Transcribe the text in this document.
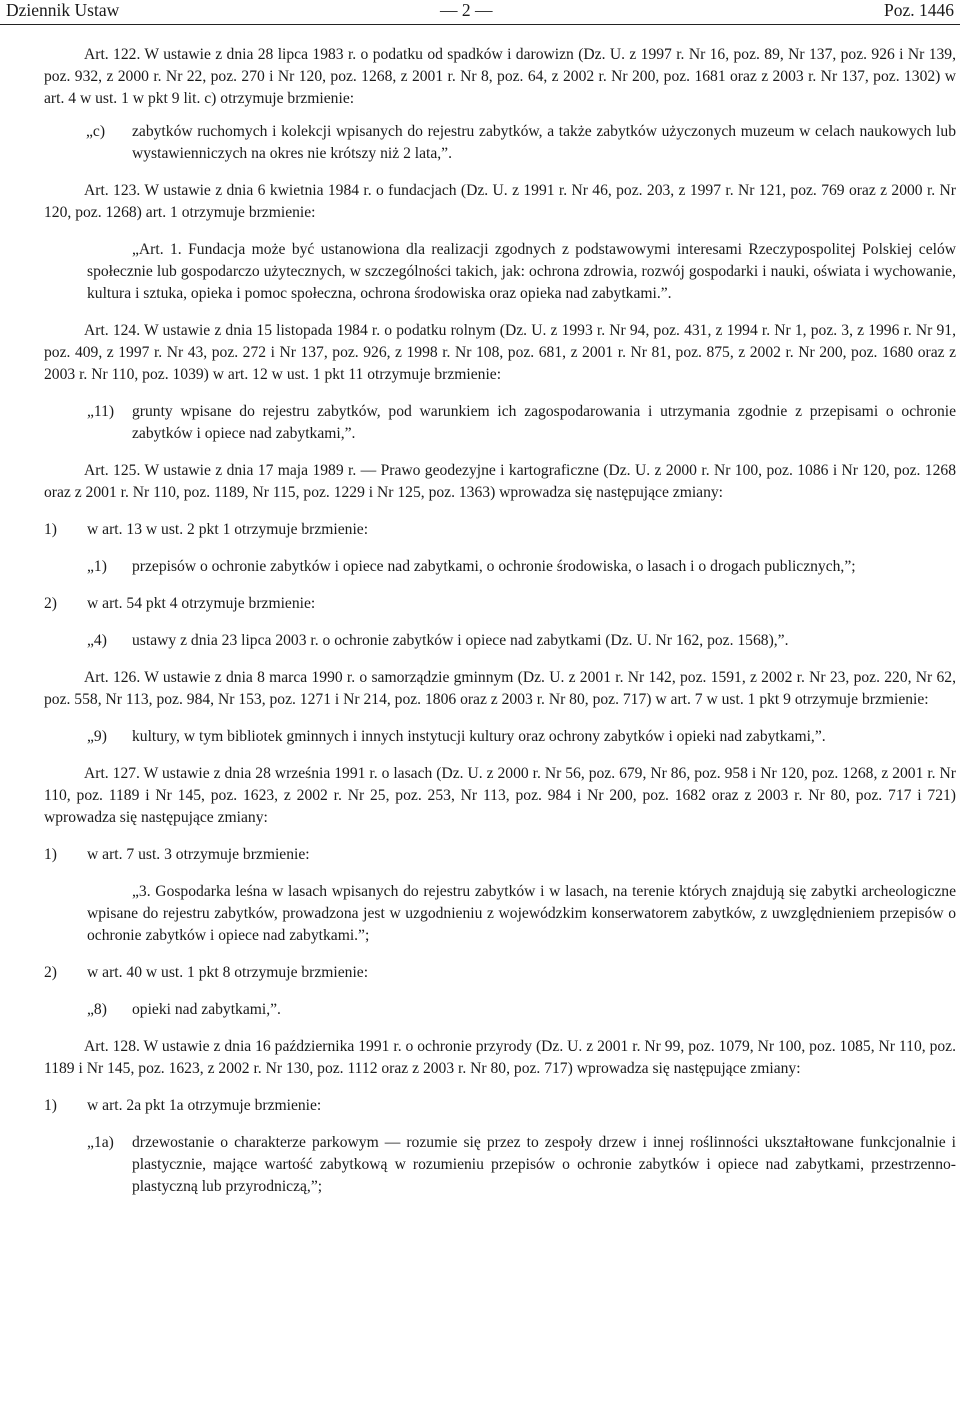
Dziennik Ustaw	— 2 —	Poz. 1446

Art. 122. W ustawie z dnia 28 lipca 1983 r. o podatku od spadków i darowizn (Dz. U. z 1997 r. Nr 16, poz. 89, Nr 137, poz. 926 i Nr 139, poz. 932, z 2000 r. Nr 22, poz. 270 i Nr 120, poz. 1268, z 2001 r. Nr 8, poz. 64, z 2002 r. Nr 200, poz. 1681 oraz z 2003 r. Nr 137, poz. 1302) w art. 4 w ust. 1 w pkt 9 lit. c) otrzymuje brzmienie:

„c) zabytków ruchomych i kolekcji wpisanych do rejestru zabytków, a także zabytków użyczonych muzeum w celach naukowych lub wystawienniczych na okres nie krótszy niż 2 lata,”.

Art. 123. W ustawie z dnia 6 kwietnia 1984 r. o fundacjach (Dz. U. z 1991 r. Nr 46, poz. 203, z 1997 r. Nr 121, poz. 769 oraz z 2000 r. Nr 120, poz. 1268) art. 1 otrzymuje brzmienie:

„Art. 1. Fundacja może być ustanowiona dla realizacji zgodnych z podstawowymi interesami Rzeczypospolitej Polskiej celów społecznie lub gospodarczo użytecznych, w szczególności takich, jak: ochrona zdrowia, rozwój gospodarki i nauki, oświata i wychowanie, kultura i sztuka, opieka i pomoc społeczna, ochrona środowiska oraz opieka nad zabytkami.”.

Art. 124. W ustawie z dnia 15 listopada 1984 r. o podatku rolnym (Dz. U. z 1993 r. Nr 94, poz. 431, z 1994 r. Nr 1, poz. 3, z 1996 r. Nr 91, poz. 409, z 1997 r. Nr 43, poz. 272 i Nr 137, poz. 926, z 1998 r. Nr 108, poz. 681, z 2001 r. Nr 81, poz. 875, z 2002 r. Nr 200, poz. 1680 oraz z 2003 r. Nr 110, poz. 1039) w art. 12 w ust. 1 pkt 11 otrzymuje brzmienie:

„11) grunty wpisane do rejestru zabytków, pod warunkiem ich zagospodarowania i utrzymania zgodnie z przepisami o ochronie zabytków i opiece nad zabytkami,”.

Art. 125. W ustawie z dnia 17 maja 1989 r. — Prawo geodezyjne i kartograficzne (Dz. U. z 2000 r. Nr 100, poz. 1086 i Nr 120, poz. 1268 oraz z 2001 r. Nr 110, poz. 1189, Nr 115, poz. 1229 i Nr 125, poz. 1363) wprowadza się następujące zmiany:

1) w art. 13 w ust. 2 pkt 1 otrzymuje brzmienie:
„1) przepisów o ochronie zabytków i opiece nad zabytkami, o ochronie środowiska, o lasach i o drogach publicznych,”;
2) w art. 54 pkt 4 otrzymuje brzmienie:
„4) ustawy z dnia 23 lipca 2003 r. o ochronie zabytków i opiece nad zabytkami (Dz. U. Nr 162, poz. 1568),”.

Art. 126. W ustawie z dnia 8 marca 1990 r. o samorządzie gminnym (Dz. U. z 2001 r. Nr 142, poz. 1591, z 2002 r. Nr 23, poz. 220, Nr 62, poz. 558, Nr 113, poz. 984, Nr 153, poz. 1271 i Nr 214, poz. 1806 oraz z 2003 r. Nr 80, poz. 717) w art. 7 w ust. 1 pkt 9 otrzymuje brzmienie:

„9) kultury, w tym bibliotek gminnych i innych instytucji kultury oraz ochrony zabytków i opieki nad zabytkami,”.

Art. 127. W ustawie z dnia 28 września 1991 r. o lasach (Dz. U. z 2000 r. Nr 56, poz. 679, Nr 86, poz. 958 i Nr 120, poz. 1268, z 2001 r. Nr 110, poz. 1189 i Nr 145, poz. 1623, z 2002 r. Nr 25, poz. 253, Nr 113, poz. 984 i Nr 200, poz. 1682 oraz z 2003 r. Nr 80, poz. 717 i 721) wprowadza się następujące zmiany:

1) w art. 7 ust. 3 otrzymuje brzmienie:

„3. Gospodarka leśna w lasach wpisanych do rejestru zabytków i w lasach, na terenie których znajdują się zabytki archeologiczne wpisane do rejestru zabytków, prowadzona jest w uzgodnieniu z wojewódzkim konserwatorem zabytków, z uwzględnieniem przepisów o ochronie zabytków i opiece nad zabytkami.”;

2) w art. 40 w ust. 1 pkt 8 otrzymuje brzmienie:
„8) opieki nad zabytkami,”.

Art. 128. W ustawie z dnia 16 października 1991 r. o ochronie przyrody (Dz. U. z 2001 r. Nr 99, poz. 1079, Nr 100, poz. 1085, Nr 110, poz. 1189 i Nr 145, poz. 1623, z 2002 r. Nr 130, poz. 1112 oraz z 2003 r. Nr 80, poz. 717) wprowadza się następujące zmiany:

1) w art. 2a pkt 1a otrzymuje brzmienie:
„1a) drzewostanie o charakterze parkowym — rozumie się przez to zespoły drzew i innej roślinności ukształtowane funkcjonalnie i plastycznie, mające wartość zabytkową w rozumieniu przepisów o ochronie zabytków i opiece nad zabytkami, przestrzenno-plastyczną lub przyrodniczą,”;
